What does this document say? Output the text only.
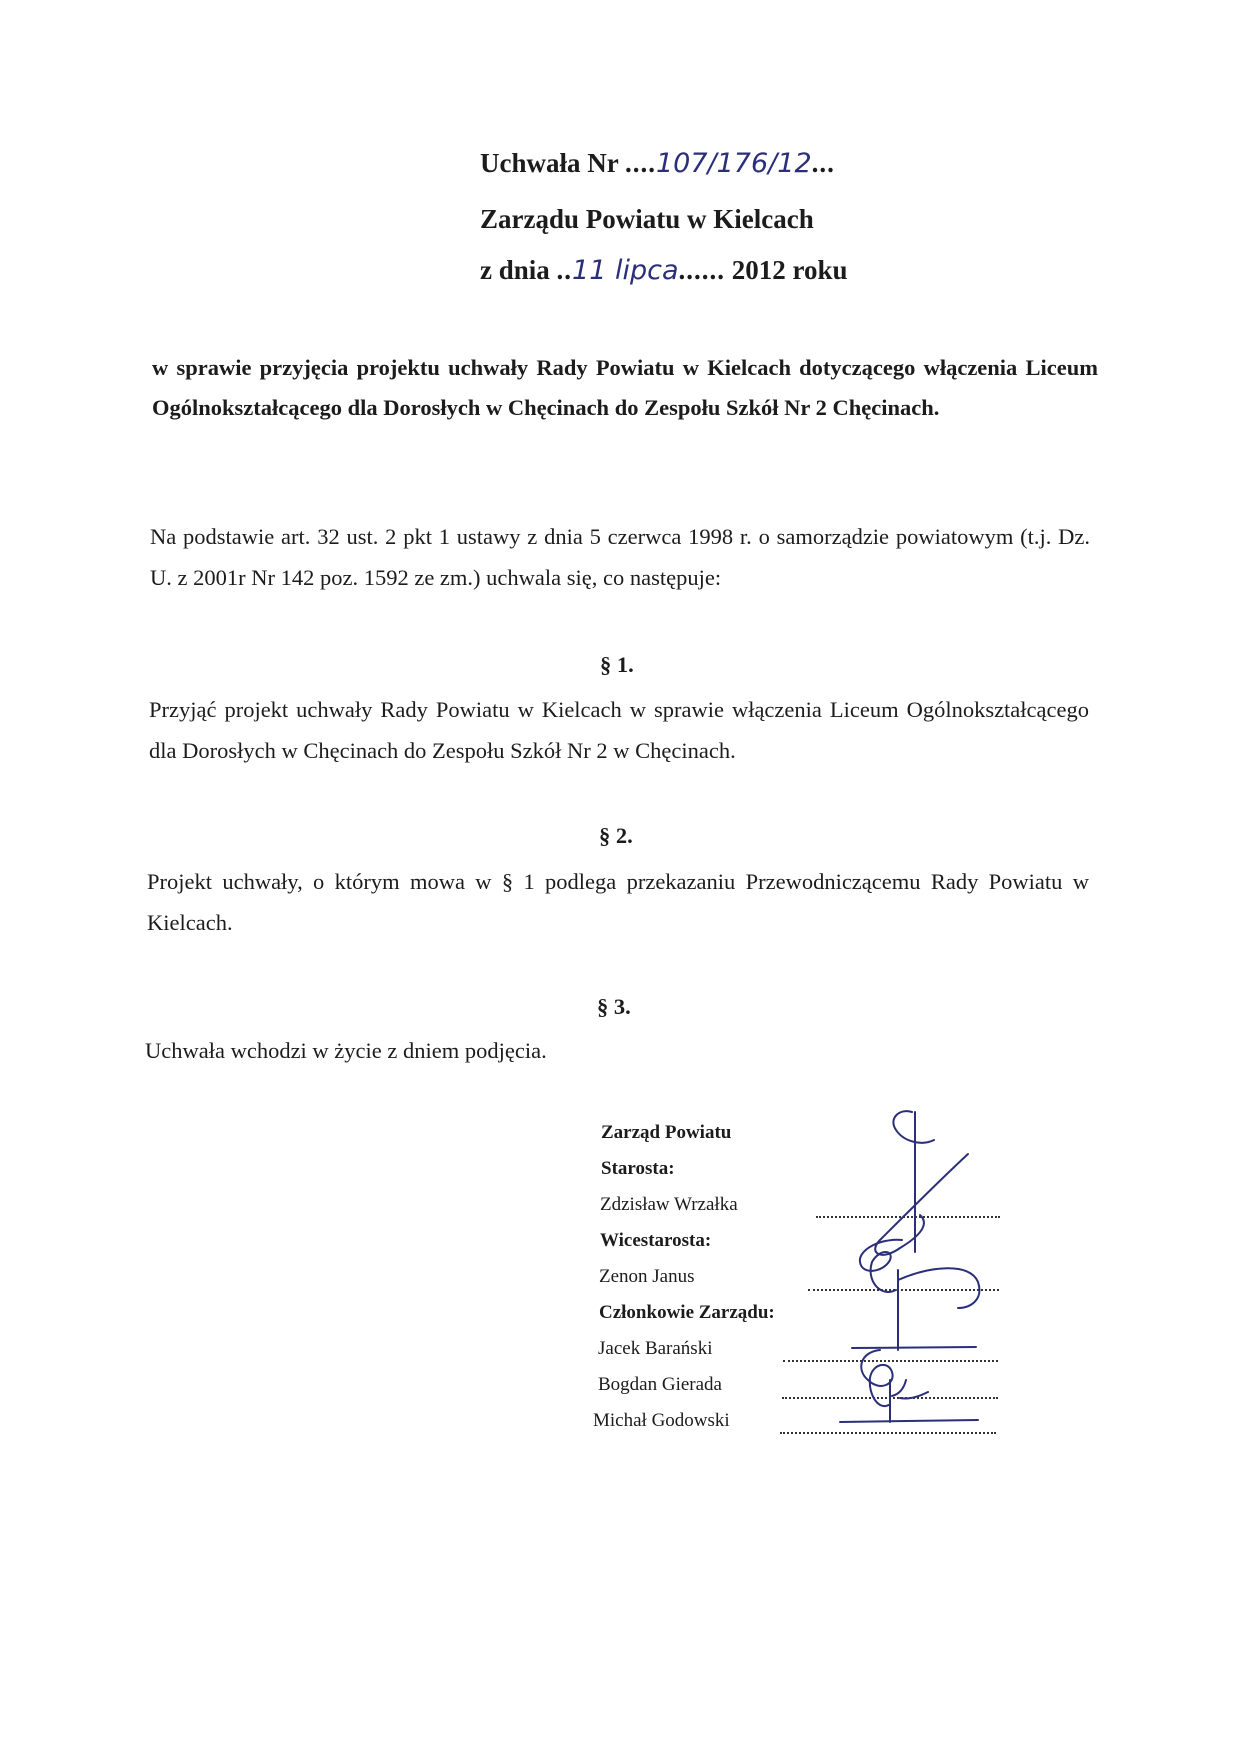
Uchwała Nr ....107/176/12...
Zarządu Powiatu w Kielcach
z dnia ..11 lipca...... 2012 roku
w sprawie przyjęcia projektu uchwały Rady Powiatu w Kielcach dotyczącego włączenia Liceum Ogólnokształcącego dla Dorosłych w Chęcinach do Zespołu Szkół Nr 2 Chęcinach.
Na podstawie art. 32 ust. 2 pkt 1 ustawy z dnia 5 czerwca 1998 r. o samorządzie powiatowym (t.j. Dz. U. z 2001r Nr 142 poz. 1592 ze zm.) uchwala się, co następuje:
§ 1.
Przyjąć projekt uchwały Rady Powiatu w Kielcach w sprawie włączenia Liceum Ogólnokształcącego dla Dorosłych w Chęcinach do Zespołu Szkół Nr 2 w Chęcinach.
§ 2.
Projekt uchwały, o którym mowa w § 1 podlega przekazaniu Przewodniczącemu Rady Powiatu w Kielcach.
§ 3.
Uchwała wchodzi w życie z dniem podjęcia.
Zarząd Powiatu
Starosta:
Zdzisław Wrzałka
Wicestarosta:
Zenon Janus
Członkowie Zarządu:
Jacek Barański
Bogdan Gierada
Michał Godowski
